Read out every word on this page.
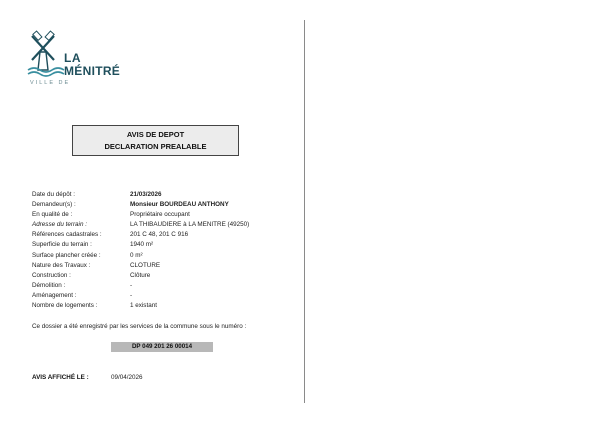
LA
MÉNITRÉ
VILLE DE
AVIS DE DEPOT
DECLARATION PREALABLE
Date du dépôt :	21/03/2026
Demandeur(s) :	Monsieur BOURDEAU ANTHONY
En qualité de :	Propriétaire occupant
Adresse du terrain :	LA THIBAUDIERE à LA MENITRE (49250)
Références cadastrales :	201 C 48, 201 C 916
Superficie du terrain :	1940 m²
Surface plancher créée :	0 m²
Nature des Travaux :	CLOTURE
Construction :	Clôture
Démolition :	-
Aménagement :	-
Nombre de logements :	1 existant
Ce dossier a été enregistré par les services de la commune sous le numéro :
DP 049 201 26 00014
AVIS AFFICHÉ LE :	09/04/2026
